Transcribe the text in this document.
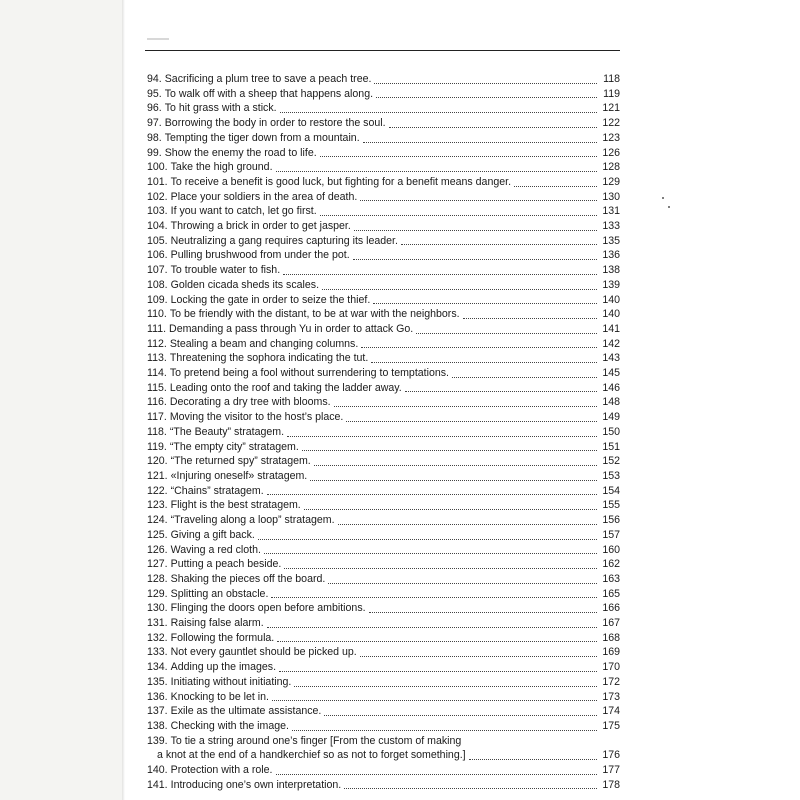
94. Sacrificing a plum tree to save a peach tree.	118
95. To walk off with a sheep that happens along.	119
96. To hit grass with a stick.	121
97. Borrowing the body in order to restore the soul.	122
98. Tempting the tiger down from a mountain.	123
99. Show the enemy the road to life.	126
100. Take the high ground.	128
101. To receive a benefit is good luck, but fighting for a benefit means danger.	129
102. Place your soldiers in the area of death.	130
103. If you want to catch, let go first.	131
104. Throwing a brick in order to get jasper.	133
105. Neutralizing a gang requires capturing its leader.	135
106. Pulling brushwood from under the pot.	136
107. To trouble water to fish.	138
108. Golden cicada sheds its scales.	139
109. Locking the gate in order to seize the thief.	140
110. To be friendly with the distant, to be at war with the neighbors.	140
111. Demanding a pass through Yu in order to attack Go.	141
112. Stealing a beam and changing columns.	142
113. Threatening the sophora indicating the tut.	143
114. To pretend being a fool without surrendering to temptations.	145
115. Leading onto the roof and taking the ladder away.	146
116. Decorating a dry tree with blooms.	148
117. Moving the visitor to the host’s place.	149
118. “The Beauty” stratagem.	150
119. “The empty city” stratagem.	151
120. “The returned spy” stratagem.	152
121. «Injuring oneself» stratagem.	153
122. “Chains” stratagem.	154
123. Flight is the best stratagem.	155
124. “Traveling along a loop” stratagem.	156
125. Giving a gift back.	157
126. Waving a red cloth.	160
127. Putting a peach beside.	162
128. Shaking the pieces off the board.	163
129. Splitting an obstacle.	165
130. Flinging the doors open before ambitions.	166
131. Raising false alarm.	167
132. Following the formula.	168
133. Not every gauntlet should be picked up.	169
134. Adding up the images.	170
135. Initiating without initiating.	172
136. Knocking to be let in.	173
137. Exile as the ultimate assistance.	174
138. Checking with the image.	175
139. To tie a string around one’s finger [From the custom of making
a knot at the end of a handkerchief so as not to forget something.]	176
140. Protection with a role.	177
141. Introducing one’s own interpretation.	178
